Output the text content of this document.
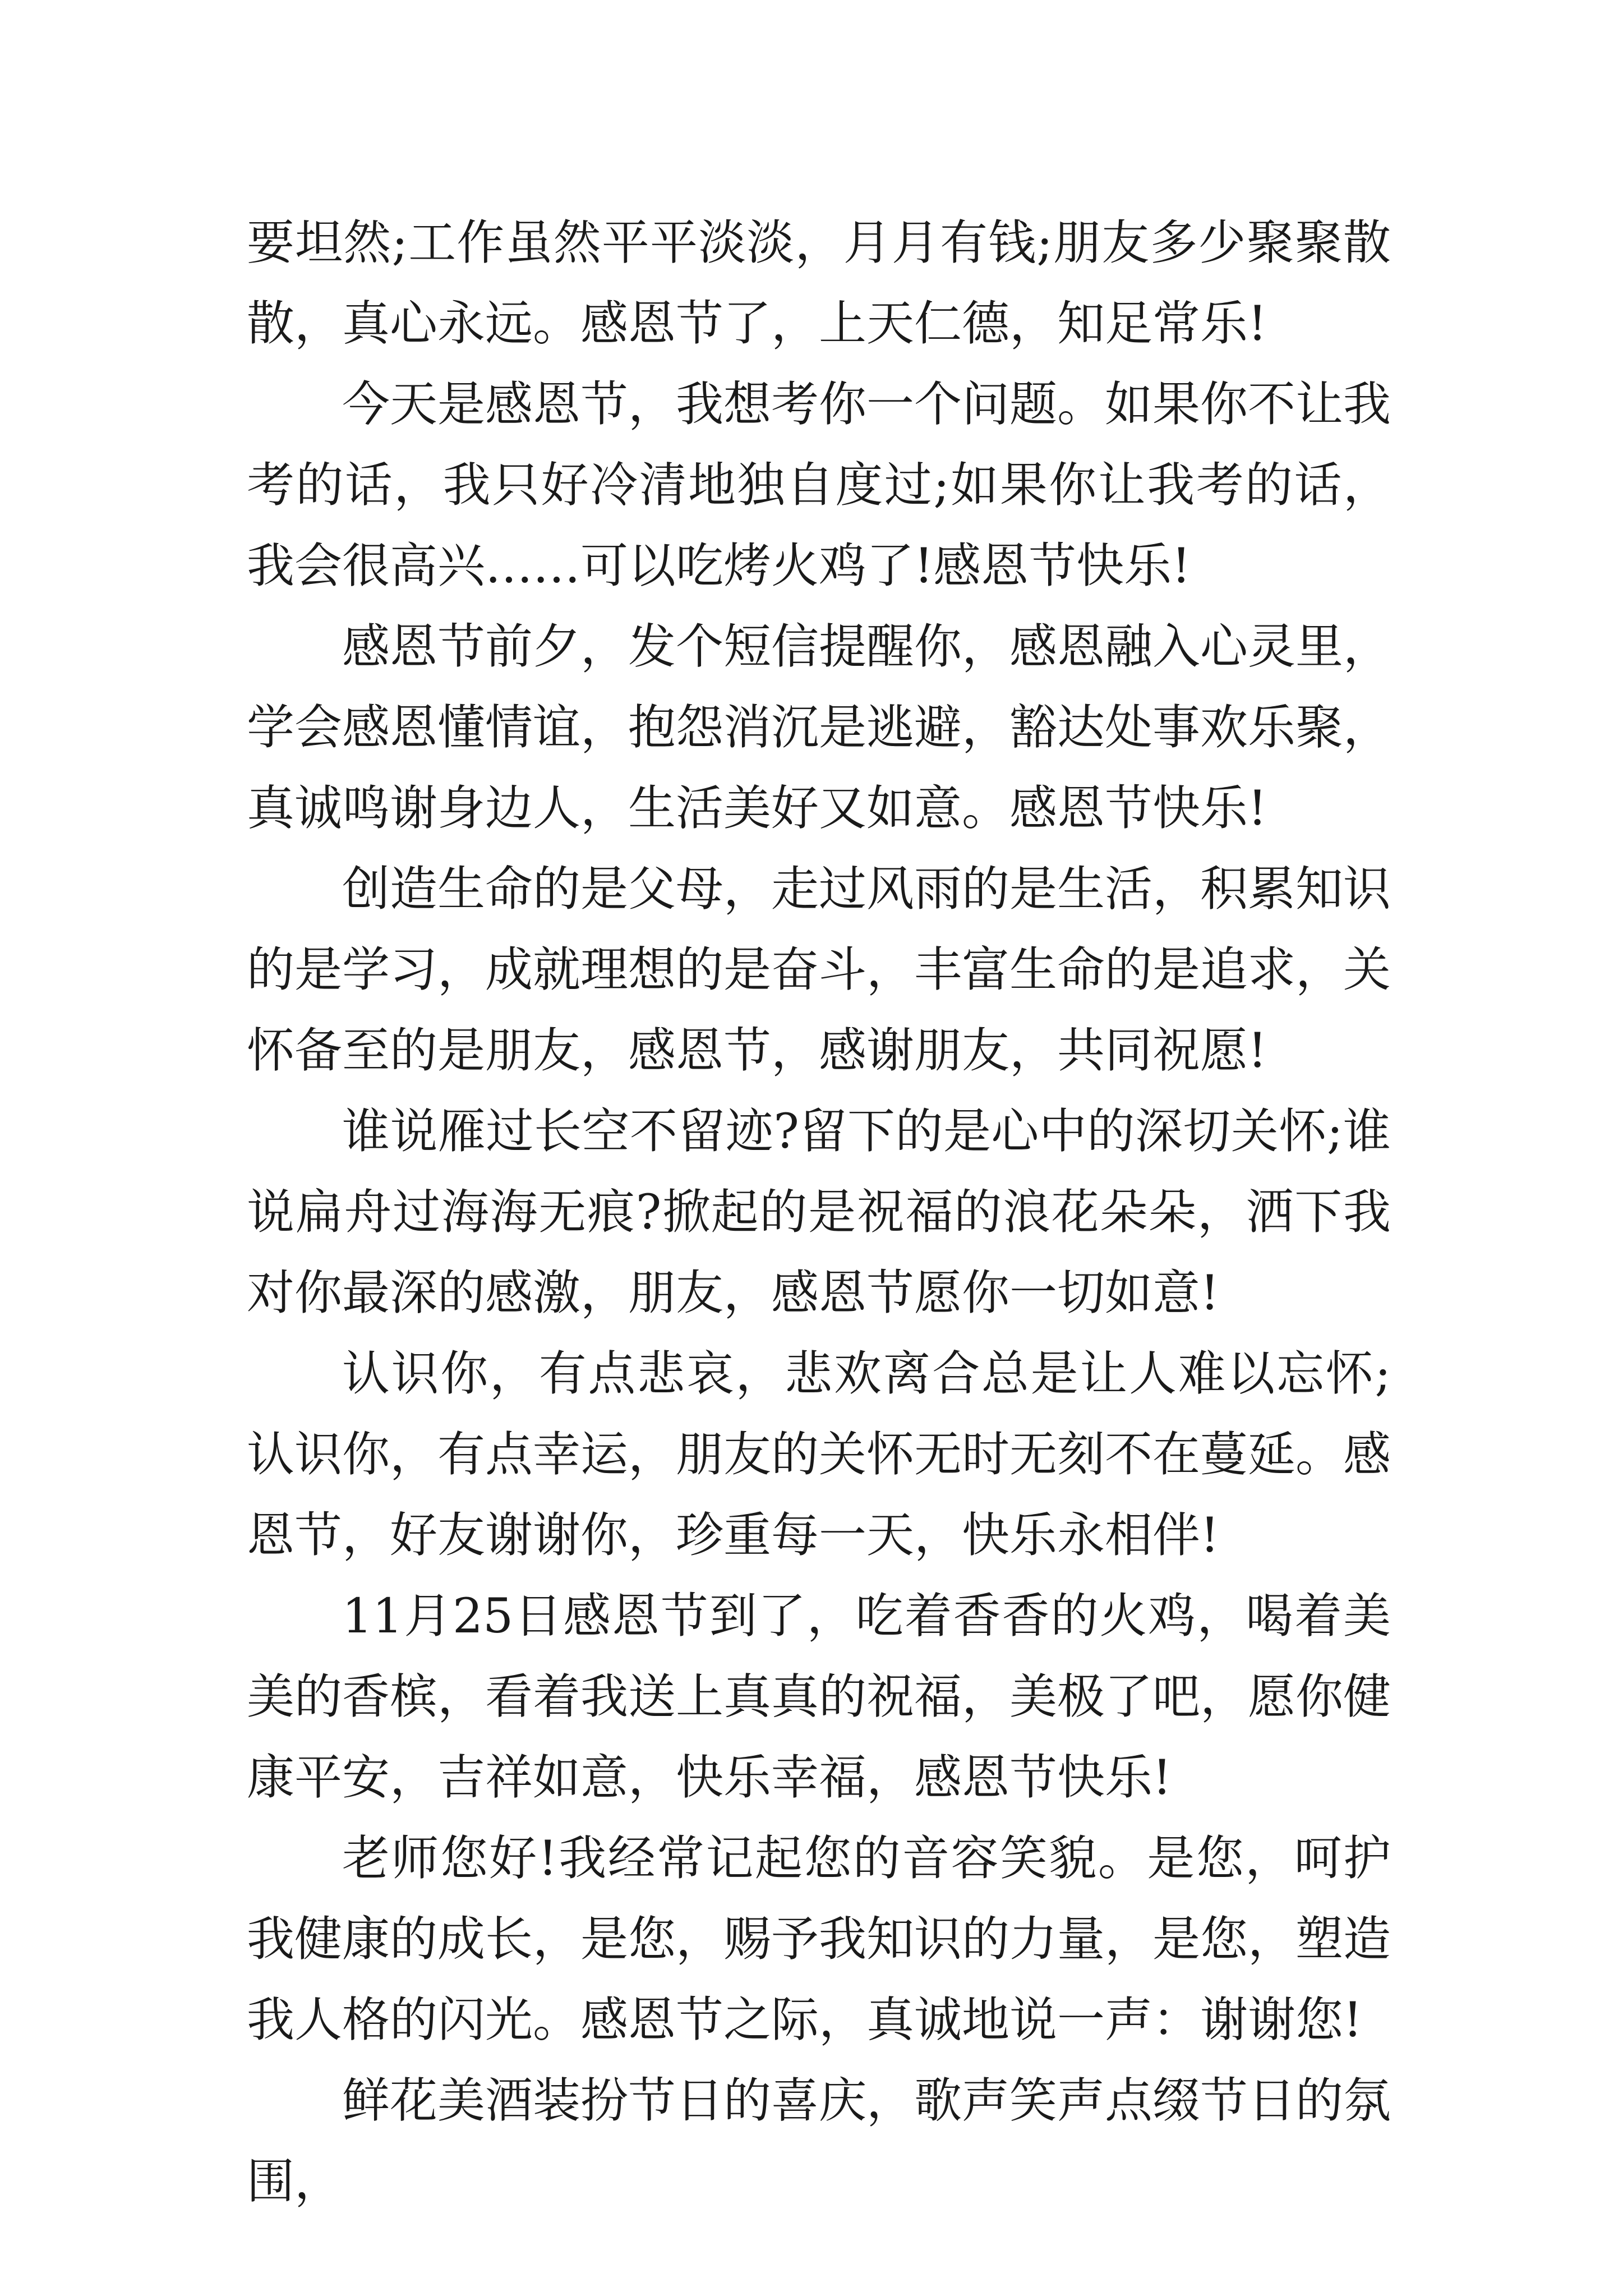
要坦然;工作虽然平平淡淡，月月有钱;朋友多少聚聚散散，真心永远。感恩节了，上天仁德，知足常乐!

今天是感恩节，我想考你一个问题。如果你不让我考的话，我只好冷清地独自度过;如果你让我考的话，我会很高兴……可以吃烤火鸡了!感恩节快乐!

感恩节前夕，发个短信提醒你，感恩融入心灵里，学会感恩懂情谊，抱怨消沉是逃避，豁达处事欢乐聚，真诚鸣谢身边人，生活美好又如意。感恩节快乐!

创造生命的是父母，走过风雨的是生活，积累知识的是学习，成就理想的是奋斗，丰富生命的是追求，关怀备至的是朋友，感恩节，感谢朋友，共同祝愿!

谁说雁过长空不留迹?留下的是心中的深切关怀;谁说扁舟过海海无痕?掀起的是祝福的浪花朵朵，洒下我对你最深的感激，朋友，感恩节愿你一切如意!

认识你，有点悲哀，悲欢离合总是让人难以忘怀;认识你，有点幸运，朋友的关怀无时无刻不在蔓延。感恩节，好友谢谢你，珍重每一天，快乐永相伴!

11月25日感恩节到了，吃着香香的火鸡，喝着美美的香槟，看着我送上真真的祝福，美极了吧，愿你健康平安，吉祥如意，快乐幸福，感恩节快乐!

老师您好!我经常记起您的音容笑貌。是您，呵护我健康的成长，是您，赐予我知识的力量，是您，塑造我人格的闪光。感恩节之际，真诚地说一声：谢谢您!

鲜花美酒装扮节日的喜庆，歌声笑声点缀节日的氛围，
